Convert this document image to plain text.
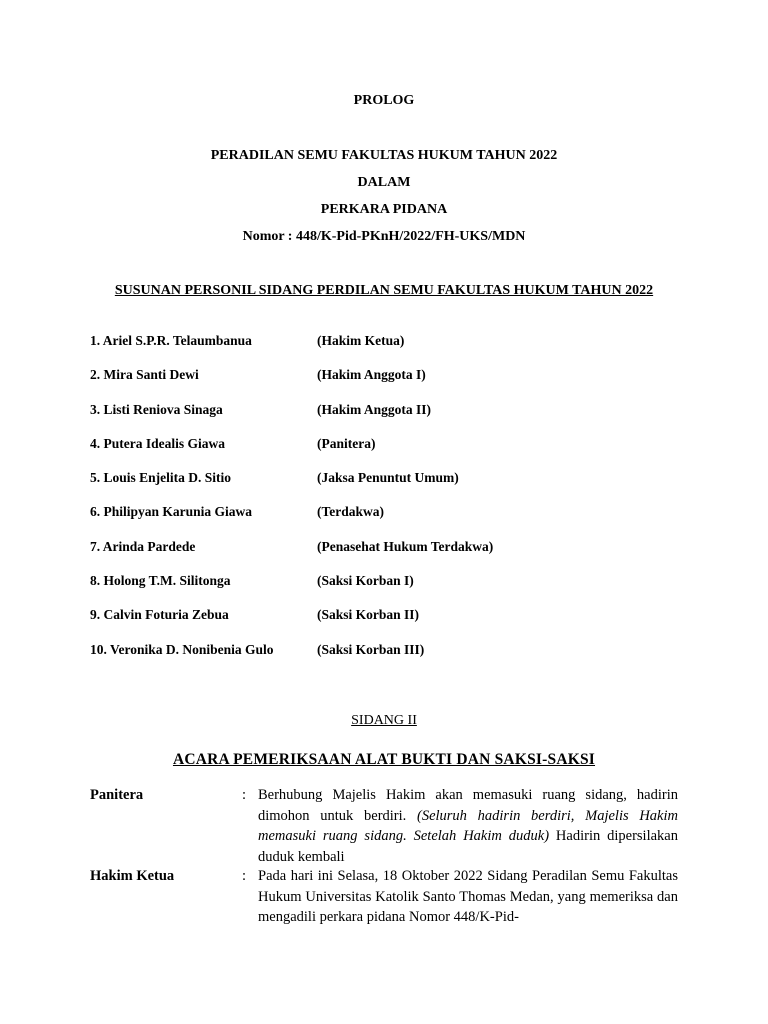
PROLOG
PERADILAN SEMU FAKULTAS HUKUM TAHUN 2022
DALAM
PERKARA PIDANA
Nomor : 448/K-Pid-PKnH/2022/FH-UKS/MDN
SUSUNAN PERSONIL SIDANG PERDILAN SEMU FAKULTAS HUKUM TAHUN 2022
1. Ariel S.P.R. Telaumbanua	(Hakim Ketua)
2. Mira Santi Dewi	(Hakim Anggota I)
3. Listi Reniova Sinaga	(Hakim Anggota II)
4. Putera Idealis Giawa	(Panitera)
5. Louis Enjelita D. Sitio	(Jaksa Penuntut Umum)
6. Philipyan Karunia Giawa	(Terdakwa)
7. Arinda Pardede	(Penasehat Hukum Terdakwa)
8. Holong T.M. Silitonga	(Saksi Korban I)
9. Calvin Foturia Zebua	(Saksi Korban II)
10. Veronika D. Nonibenia Gulo	(Saksi Korban III)
SIDANG II
ACARA PEMERIKSAAN ALAT BUKTI DAN SAKSI-SAKSI
Panitera	: Berhubung Majelis Hakim akan memasuki ruang sidang, hadirin dimohon untuk berdiri. (Seluruh hadirin berdiri, Majelis Hakim memasuki ruang sidang. Setelah Hakim duduk) Hadirin dipersilakan duduk kembali
Hakim Ketua	: Pada hari ini Selasa, 18 Oktober 2022 Sidang Peradilan Semu Fakultas Hukum Universitas Katolik Santo Thomas Medan, yang memeriksa dan mengadili perkara pidana Nomor 448/K-Pid-
